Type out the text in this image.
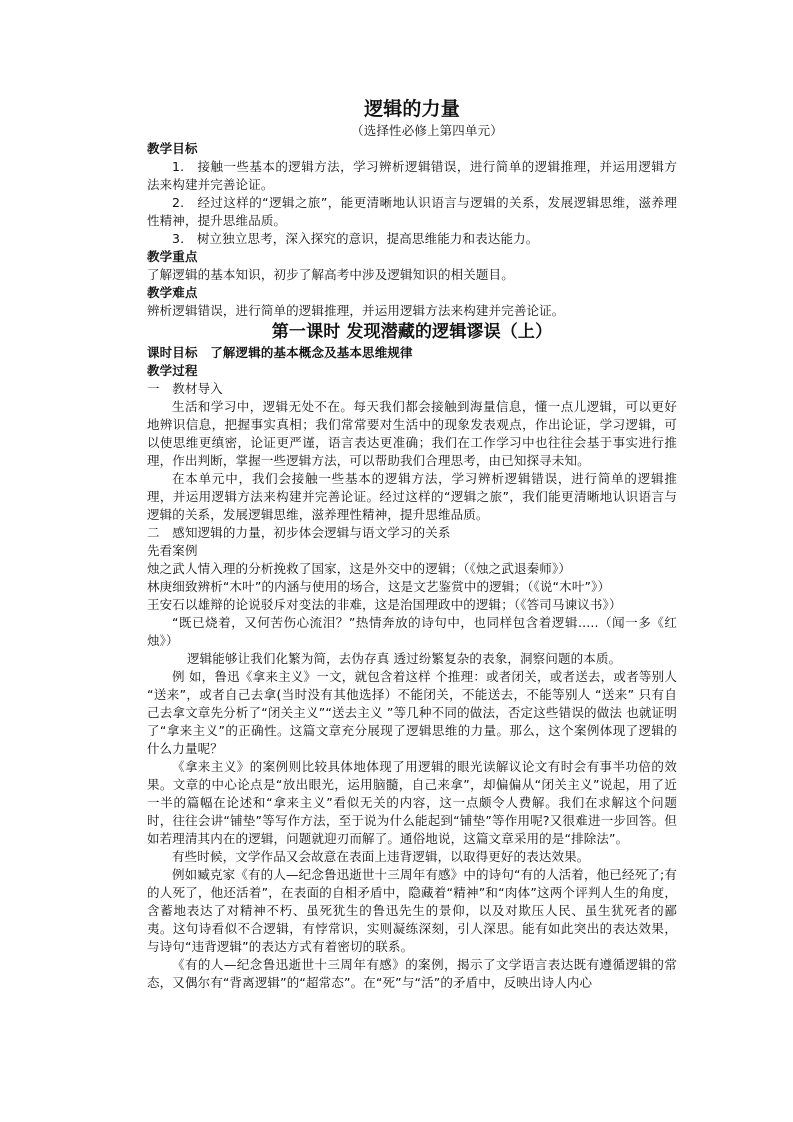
逻辑的力量
（选择性必修上第四单元）

教学目标

1.　接触一些基本的逻辑方法，学习辨析逻辑错误，进行简单的逻辑推理，并运用逻辑方法来构建并完善论证。

2.　经过这样的“逻辑之旅”，能更清晰地认识语言与逻辑的关系，发展逻辑思维，滋养理性精神，提升思维品质。

3.　树立独立思考，深入探究的意识，提高思维能力和表达能力。

教学重点

了解逻辑的基本知识，初步了解高考中涉及逻辑知识的相关题目。

教学难点

辨析逻辑错误，进行简单的逻辑推理，并运用逻辑方法来构建并完善论证。

第一课时 发现潜藏的逻辑谬误（上）

课时目标　了解逻辑的基本概念及基本思维规律

教学过程

一　教材导入

生活和学习中，逻辑无处不在。每天我们都会接触到海量信息，懂一点儿逻辑，可以更好地辨识信息，把握事实真相；我们常常要对生活中的现象发表观点，作出论证，学习逻辑，可以使思维更缜密，论证更严谨，语言表达更准确；我们在工作学习中也往往会基于事实进行推理，作出判断，掌握一些逻辑方法，可以帮助我们合理思考，由已知探寻未知。

在本单元中，我们会接触一些基本的逻辑方法，学习辨析逻辑错误，进行简单的逻辑推理，并运用逻辑方法来构建并完善论证。经过这样的“逻辑之旅”，我们能更清晰地认识语言与逻辑的关系，发展逻辑思维，滋养理性精神，提升思维品质。

二　感知逻辑的力量，初步体会逻辑与语文学习的关系

先看案例

烛之武人情入理的分析挽救了国家，这是外交中的逻辑；（《烛之武退秦师》）

林庚细致辨析“木叶”的内涵与使用的场合，这是文艺鉴赏中的逻辑；（《说“木叶”》）

王安石以雄辩的论说驳斥对变法的非难，这是治国理政中的逻辑；（《答司马谏议书》）

“既已烧着，又何苦伤心流泪？”热情奔放的诗句中，也同样包含着逻辑.....（闻一多《红烛》）

逻辑能够让我们化繁为简，去伪存真 透过纷繁复杂的表象，洞察问题的本质。

例 如，鲁迅《拿来主义》一文，就包含着这样 个推理：或者闭关，或者送去，或者等别人 “送来”，或者自己去拿(当时没有其他选择）不能闭关，不能送去，不能等别人 “送来” 只有自己去拿文章先分析了“闭关主义”“送去主义 ”等几种不同的做法，否定这些错误的做法 也就证明了“拿来主义”的正确性。这篇文章充分展现了逻辑思维的力量。那么，这个案例体现了逻辑的什么力量呢？

《拿来主义》的案例则比较具体地体现了用逻辑的眼光读解议论文有时会有事半功倍的效果。文章的中心论点是“放出眼光，运用脑髓，自己来拿”，却偏偏从“闭关主义”说起，用了近一半的篇幅在论述和“拿来主义”看似无关的内容，这一点颇令人费解。我们在求解这个问题时，往往会讲“铺垫”等写作方法，至于说为什么能起到“铺垫”等作用呢?又很难进一步回答。但如若理清其内在的逻辑，问题就迎刃而解了。通俗地说，这篇文章采用的是“排除法”。

有些时候，文学作品又会故意在表面上违背逻辑，以取得更好的表达效果。

例如臧克家《有的人—纪念鲁迅逝世十三周年有感》中的诗句“有的人活着，他已经死了;有的人死了，他还活着”，在表面的自相矛盾中，隐藏着“精神”和“肉体”这两个评判人生的角度，含蓄地表达了对精神不朽、虽死犹生的鲁迅先生的景仰，以及对欺压人民、虽生犹死者的鄙夷。这句诗看似不合逻辑，有悖常识，实则凝练深刻，引人深思。能有如此突出的表达效果，与诗句“违背逻辑”的表达方式有着密切的联系。

《有的人—纪念鲁迅逝世十三周年有感》的案例，揭示了文学语言表达既有遵循逻辑的常态，又偶尔有“背离逻辑”的“超常态”。在“死”与“活”的矛盾中，反映出诗人内心
